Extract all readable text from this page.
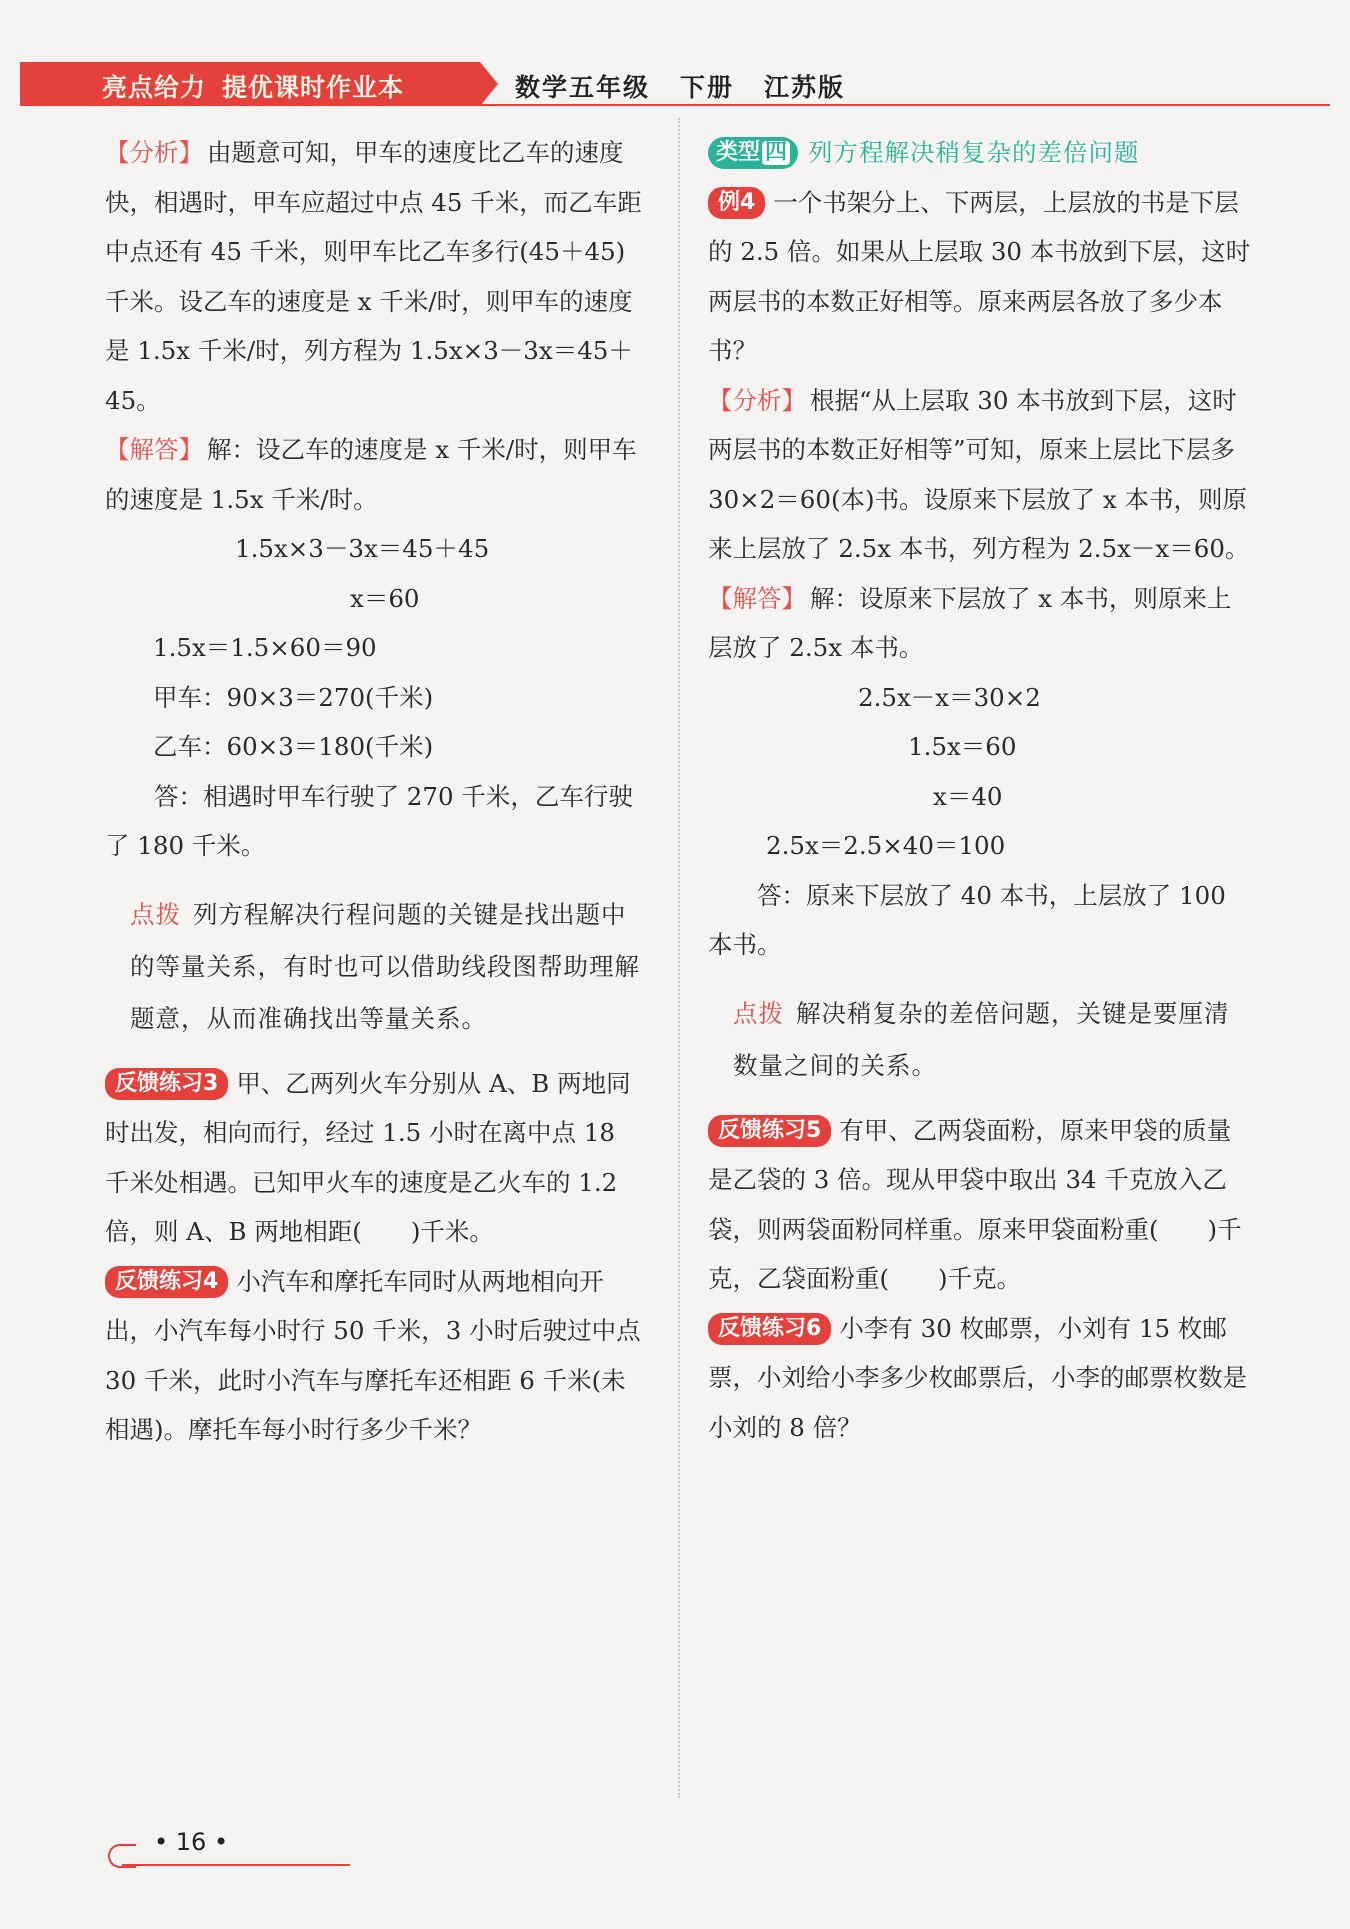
亮点给力 提优课时作业本	数学五年级 下册 江苏版

【分析】 由题意可知，甲车的速度比乙车的速度快，相遇时，甲车应超过中点 45 千米，而乙车距中点还有 45 千米，则甲车比乙车多行(45＋45)千米。设乙车的速度是 x 千米/时，则甲车的速度是 1.5x 千米/时，列方程为 1.5x×3－3x＝45＋45。

【解答】 解：设乙车的速度是 x 千米/时，则甲车的速度是 1.5x 千米/时。

1.5x×3－3x＝45＋45

x＝60

1.5x＝1.5×60＝90

甲车：90×3＝270(千米)

乙车：60×3＝180(千米)

答：相遇时甲车行驶了 270 千米，乙车行驶了 180 千米。

点拨 列方程解决行程问题的关键是找出题中的等量关系，有时也可以借助线段图帮助理解题意，从而准确找出等量关系。

反馈练习3 甲、乙两列火车分别从 A、B 两地同时出发，相向而行，经过 1.5 小时在离中点 18 千米处相遇。已知甲火车的速度是乙火车的 1.2 倍，则 A、B 两地相距(　　)千米。

反馈练习4 小汽车和摩托车同时从两地相向开出，小汽车每小时行 50 千米，3 小时后驶过中点 30 千米，此时小汽车与摩托车还相距 6 千米(未相遇)。摩托车每小时行多少千米？

类型 四 列方程解决稍复杂的差倍问题

例4 一个书架分上、下两层，上层放的书是下层的 2.5 倍。如果从上层取 30 本书放到下层，这时两层书的本数正好相等。原来两层各放了多少本书？

【分析】 根据“从上层取 30 本书放到下层，这时两层书的本数正好相等”可知，原来上层比下层多 30×2＝60(本)书。设原来下层放了 x 本书，则原来上层放了 2.5x 本书，列方程为 2.5x－x＝60。

【解答】 解：设原来下层放了 x 本书，则原来上层放了 2.5x 本书。

2.5x－x＝30×2

1.5x＝60

x＝40

2.5x＝2.5×40＝100

答：原来下层放了 40 本书，上层放了 100 本书。

点拨 解决稍复杂的差倍问题，关键是要厘清数量之间的关系。

反馈练习5 有甲、乙两袋面粉，原来甲袋的质量是乙袋的 3 倍。现从甲袋中取出 34 千克放入乙袋，则两袋面粉同样重。原来甲袋面粉重(　　)千克，乙袋面粉重(　　)千克。

反馈练习6 小李有 30 枚邮票，小刘有 15 枚邮票，小刘给小李多少枚邮票后，小李的邮票枚数是小刘的 8 倍？

• 16 •
